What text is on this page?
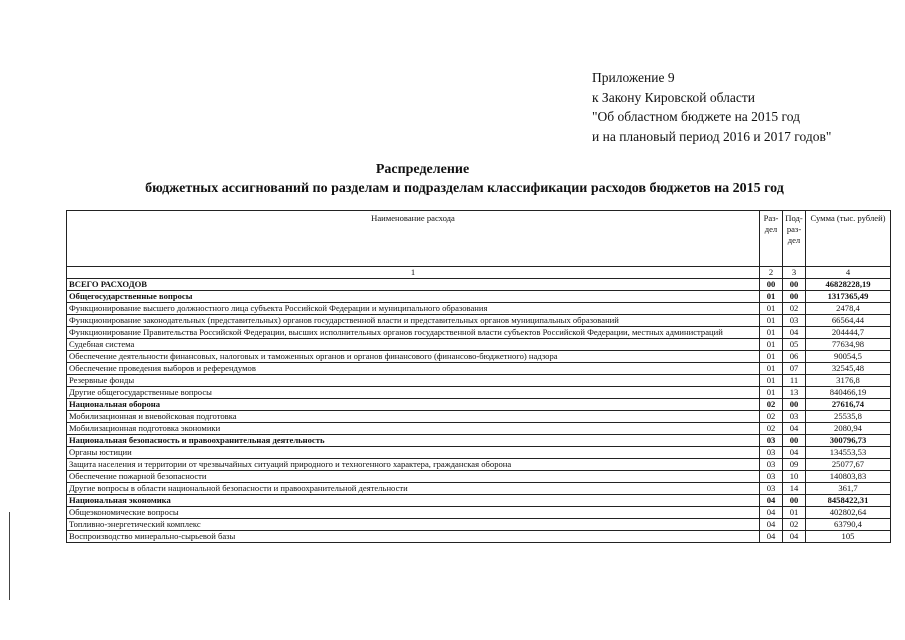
Приложение 9
к Закону Кировской области
"Об областном бюджете на 2015 год
и на плановый период 2016 и 2017 годов"
Распределение
бюджетных ассигнований по разделам и подразделам классификации расходов бюджетов на 2015 год
Наименование расхода	Раз-дел	Под-раз-дел	Сумма (тыс. рублей)
1	2	3	4
ВСЕГО РАСХОДОВ	00	00	46828228,19
Общегосударственные вопросы	01	00	1317365,49
Функционирование высшего должностного лица субъекта Российской Федерации и муниципального образования	01	02	2478,4
Функционирование законодательных (представительных) органов государственной власти и представительных органов муниципальных образований	01	03	66564,44
Функционирование Правительства Российской Федерации, высших исполнительных органов государственной власти субъектов Российской Федерации, местных администраций	01	04	204444,7
Судебная система	01	05	77634,98
Обеспечение деятельности финансовых, налоговых и таможенных органов и органов финансового (финансово-бюджетного) надзора	01	06	90054,5
Обеспечение проведения выборов и референдумов	01	07	32545,48
Резервные фонды	01	11	3176,8
Другие общегосударственные вопросы	01	13	840466,19
Национальная оборона	02	00	27616,74
Мобилизационная и вневойсковая подготовка	02	03	25535,8
Мобилизационная подготовка экономики	02	04	2080,94
Национальная безопасность и правоохранительная деятельность	03	00	300796,73
Органы юстиции	03	04	134553,53
Защита населения и территории от чрезвычайных ситуаций природного и техногенного характера, гражданская оборона	03	09	25077,67
Обеспечение пожарной безопасности	03	10	140803,83
Другие вопросы в области национальной безопасности и правоохранительной деятельности	03	14	361,7
Национальная экономика	04	00	8458422,31
Общеэкономические вопросы	04	01	402802,64
Топливно-энергетический комплекс	04	02	63790,4
Воспроизводство минерально-сырьевой базы	04	04	105
